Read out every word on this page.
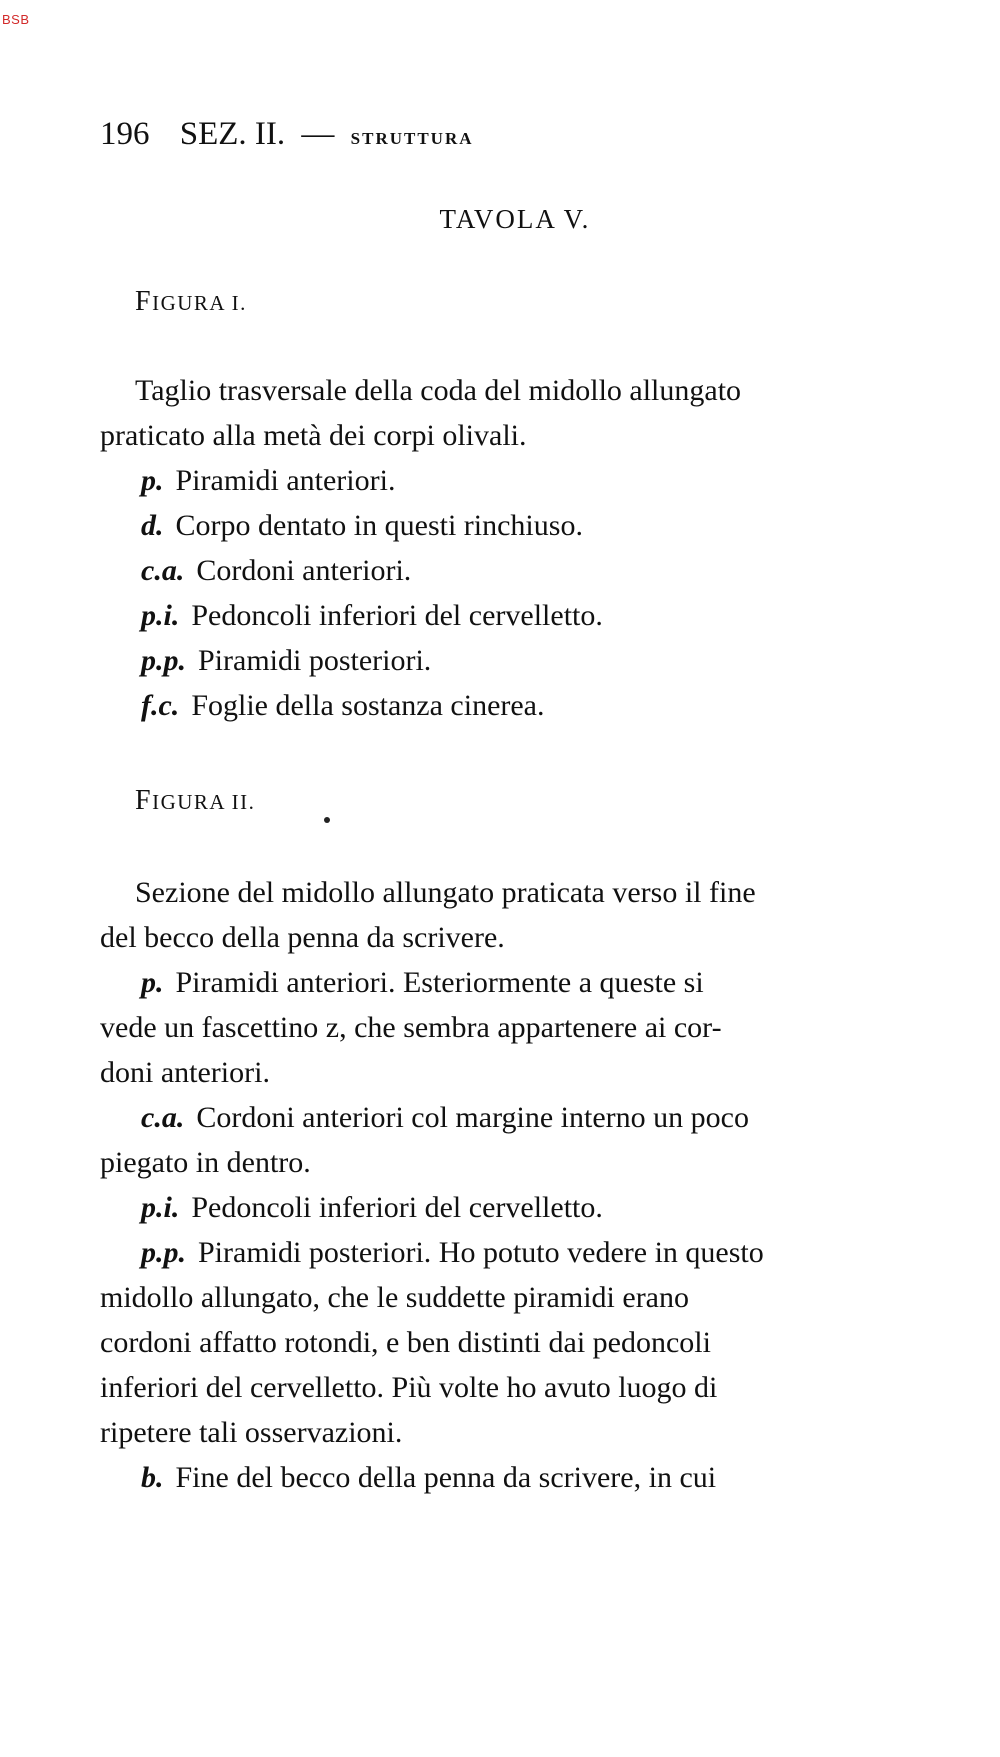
BSB
196 SEZ. II. — STRUTTURA
TAVOLA V.
FIGURA I.
Taglio trasversale della coda del midollo allungato
praticato alla metà dei corpi olivali.
p. Piramidi anteriori.
d. Corpo dentato in questi rinchiuso.
c.a. Cordoni anteriori.
p.i. Pedoncoli inferiori del cervelletto.
p.p. Piramidi posteriori.
f.c. Foglie della sostanza cinerea.
FIGURA II.
Sezione del midollo allungato praticata verso il fine
del becco della penna da scrivere.
p. Piramidi anteriori. Esteriormente a queste si
vede un fascettino z, che sembra appartenere ai cor-
doni anteriori.
c.a. Cordoni anteriori col margine interno un poco
piegato in dentro.
p.i. Pedoncoli inferiori del cervelletto.
p.p. Piramidi posteriori. Ho potuto vedere in questo
midollo allungato, che le suddette piramidi erano
cordoni affatto rotondi, e ben distinti dai pedoncoli
inferiori del cervelletto. Più volte ho avuto luogo di
ripetere tali osservazioni.
b. Fine del becco della penna da scrivere, in cui
